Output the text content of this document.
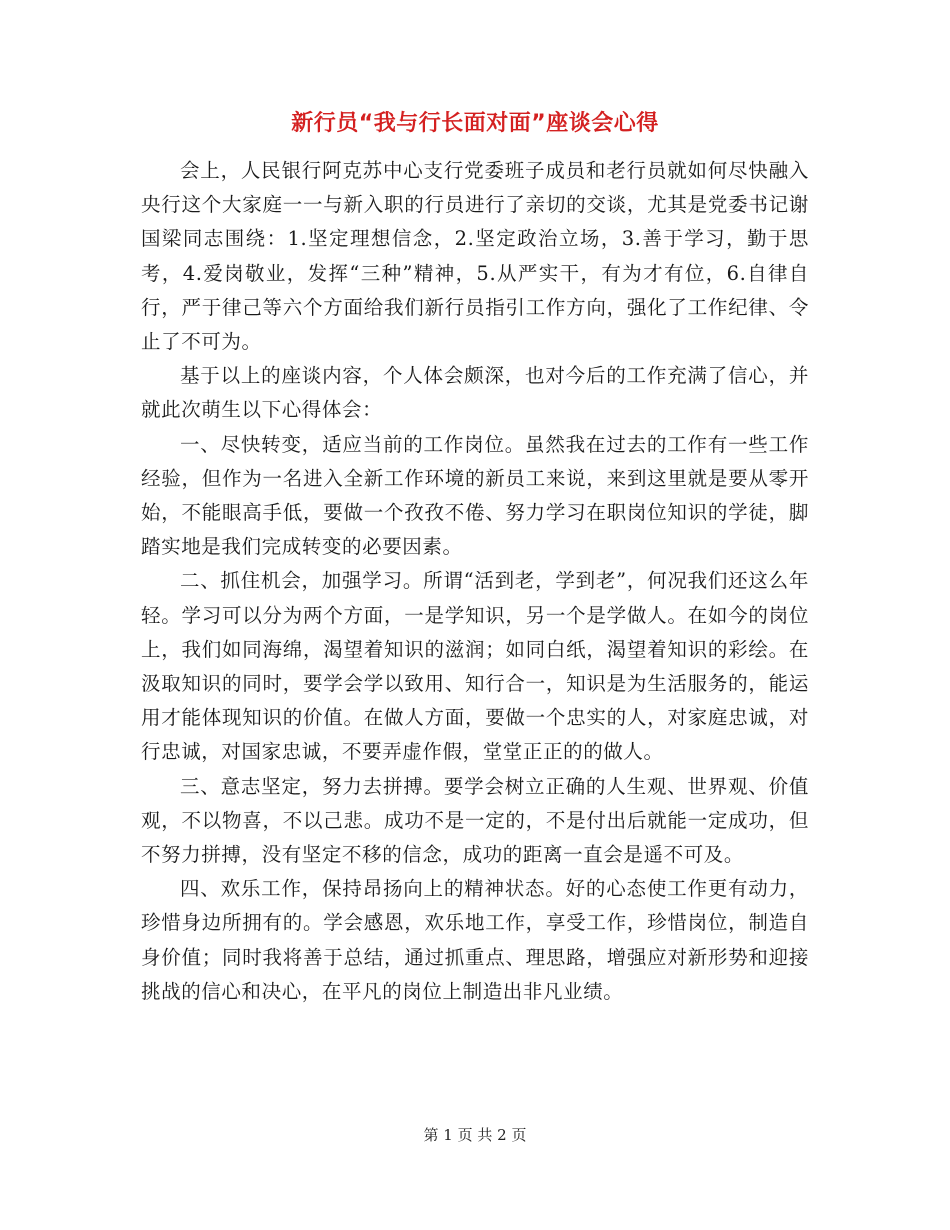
新行员“我与行长面对面”座谈会心得

会上，人民银行阿克苏中心支行党委班子成员和老行员就如何尽快融入央行这个大家庭一一与新入职的行员进行了亲切的交谈，尤其是党委书记谢国梁同志围绕：1.坚定理想信念，2.坚定政治立场，3.善于学习，勤于思考，4.爱岗敬业，发挥“三种”精神，5.从严实干，有为才有位，6.自律自行，严于律己等六个方面给我们新行员指引工作方向，强化了工作纪律、令止了不可为。

基于以上的座谈内容，个人体会颇深，也对今后的工作充满了信心，并就此次萌生以下心得体会：

一、尽快转变，适应当前的工作岗位。虽然我在过去的工作有一些工作经验，但作为一名进入全新工作环境的新员工来说，来到这里就是要从零开始，不能眼高手低，要做一个孜孜不倦、努力学习在职岗位知识的学徒，脚踏实地是我们完成转变的必要因素。

二、抓住机会，加强学习。所谓“活到老，学到老”，何况我们还这么年轻。学习可以分为两个方面，一是学知识，另一个是学做人。在如今的岗位上，我们如同海绵，渴望着知识的滋润；如同白纸，渴望着知识的彩绘。在汲取知识的同时，要学会学以致用、知行合一，知识是为生活服务的，能运用才能体现知识的价值。在做人方面，要做一个忠实的人，对家庭忠诚，对行忠诚，对国家忠诚，不要弄虚作假，堂堂正正的的做人。

三、意志坚定，努力去拼搏。要学会树立正确的人生观、世界观、价值观，不以物喜，不以己悲。成功不是一定的，不是付出后就能一定成功，但不努力拼搏，没有坚定不移的信念，成功的距离一直会是遥不可及。

四、欢乐工作，保持昂扬向上的精神状态。好的心态使工作更有动力，珍惜身边所拥有的。学会感恩，欢乐地工作，享受工作，珍惜岗位，制造自身价值；同时我将善于总结，通过抓重点、理思路，增强应对新形势和迎接挑战的信心和决心，在平凡的岗位上制造出非凡业绩。

第 1 页 共 2 页
